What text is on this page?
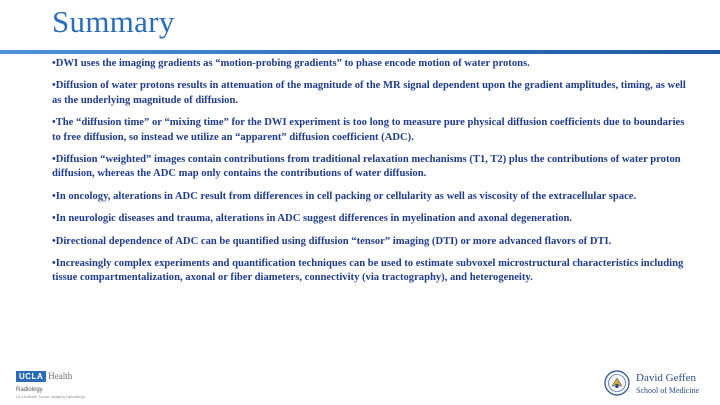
Summary

•DWI uses the imaging gradients as “motion-probing gradients” to phase encode motion of water protons.

•Diffusion of water protons results in attenuation of the magnitude of the MR signal dependent upon the gradient amplitudes, timing, as well as the underlying magnitude of diffusion.

•The “diffusion time” or “mixing time” for the DWI experiment is too long to measure pure physical diffusion coefficients due to boundaries to free diffusion, so instead we utilize an “apparent” diffusion coefficient (ADC).

•Diffusion “weighted” images contain contributions from traditional relaxation mechanisms (T1, T2) plus the contributions of water proton diffusion, whereas the ADC map only contains the contributions of water diffusion.

•In oncology, alterations in ADC result from differences in cell packing or cellularity as well as viscosity of the extracellular space.

•In neurologic diseases and trauma, alterations in ADC suggest differences in myelination and axonal degeneration.

•Directional dependence of ADC can be quantified using diffusion “tensor” imaging (DTI) or more advanced flavors of DTI.

•Increasingly complex experiments and quantification techniques can be used to estimate subvoxel microstructural characteristics including tissue compartmentalization, axonal or fiber diameters, connectivity (via tractography), and heterogeneity.

UCLA Health
Radiology
UCLA Brain Tumor Imaging Laboratory
David Geffen
School of Medicine
